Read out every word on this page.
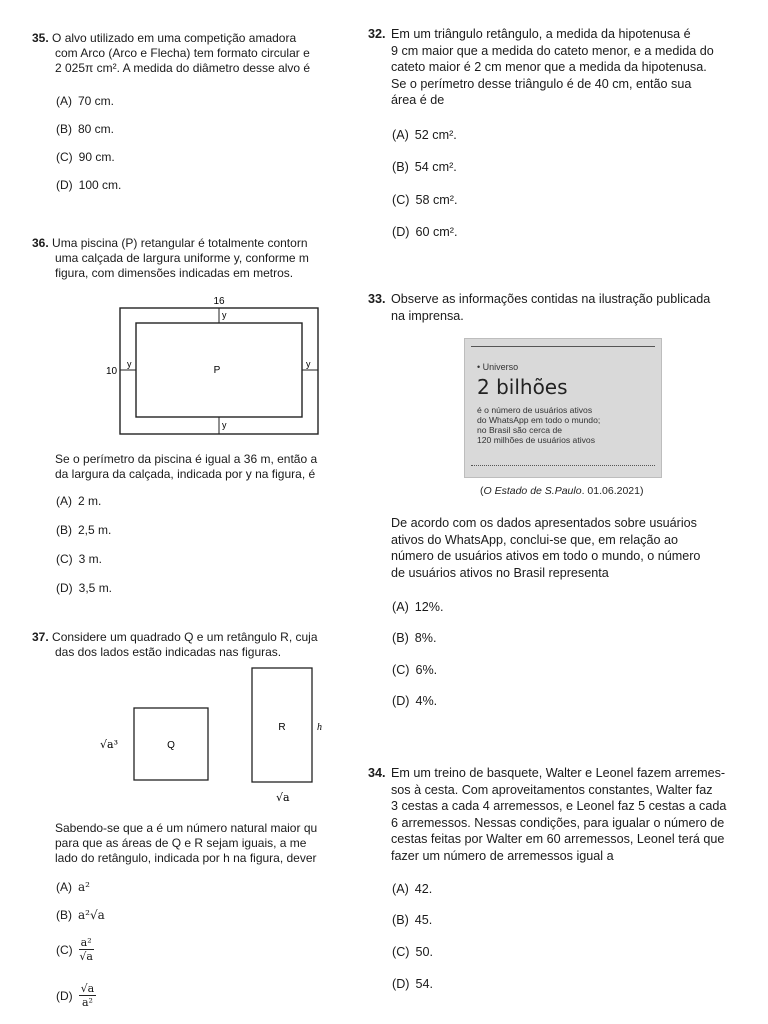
35. O alvo utilizado em uma competição amadora
com Arco (Arco e Flecha) tem formato circular e
2 025π cm². A medida do diâmetro desse alvo é
(A) 70 cm.
(B) 80 cm.
(C) 90 cm.
(D) 100 cm.
36. Uma piscina (P) retangular é totalmente contorn
uma calçada de largura uniforme y, conforme m
figura, com dimensões indicadas em metros.
16
y
y
y	y
10	P
Se o perímetro da piscina é igual a 36 m, então a
da largura da calçada, indicada por y na figura, é
(A) 2 m.
(B) 2,5 m.
(C) 3 m.
(D) 3,5 m.
37. Considere um quadrado Q e um retângulo R, cuja
das dos lados estão indicadas nas figuras.
Q
√a³
R	h
√a
Sabendo-se que a é um número natural maior qu
para que as áreas de Q e R sejam iguais, a me
lado do retângulo, indicada por h na figura, dever
(A) a²
(B) a²√a
(C) a²
√a
(D) √a
a²
32. Em um triângulo retângulo, a medida da hipotenusa é
9 cm maior que a medida do cateto menor, e a medida do
cateto maior é 2 cm menor que a medida da hipotenusa.
Se o perímetro desse triângulo é de 40 cm, então sua
área é de
(A) 52 cm².
(B) 54 cm².
(C) 58 cm².
(D) 60 cm².
33. Observe as informações contidas na ilustração publicada
na imprensa.
• Universo
2 bilhões
é o número de usuários ativos
do WhatsApp em todo o mundo;
no Brasil são cerca de
120 milhões de usuários ativos
(O Estado de S.Paulo. 01.06.2021)
De acordo com os dados apresentados sobre usuários
ativos do WhatsApp, conclui-se que, em relação ao
número de usuários ativos em todo o mundo, o número
de usuários ativos no Brasil representa
(A) 12%.
(B) 8%.
(C) 6%.
(D) 4%.
34. Em um treino de basquete, Walter e Leonel fazem arremes-
sos à cesta. Com aproveitamentos constantes, Walter faz
3 cestas a cada 4 arremessos, e Leonel faz 5 cestas a cada
6 arremessos. Nessas condições, para igualar o número de
cestas feitas por Walter em 60 arremessos, Leonel terá que
fazer um número de arremessos igual a
(A) 42.
(B) 45.
(C) 50.
(D) 54.
